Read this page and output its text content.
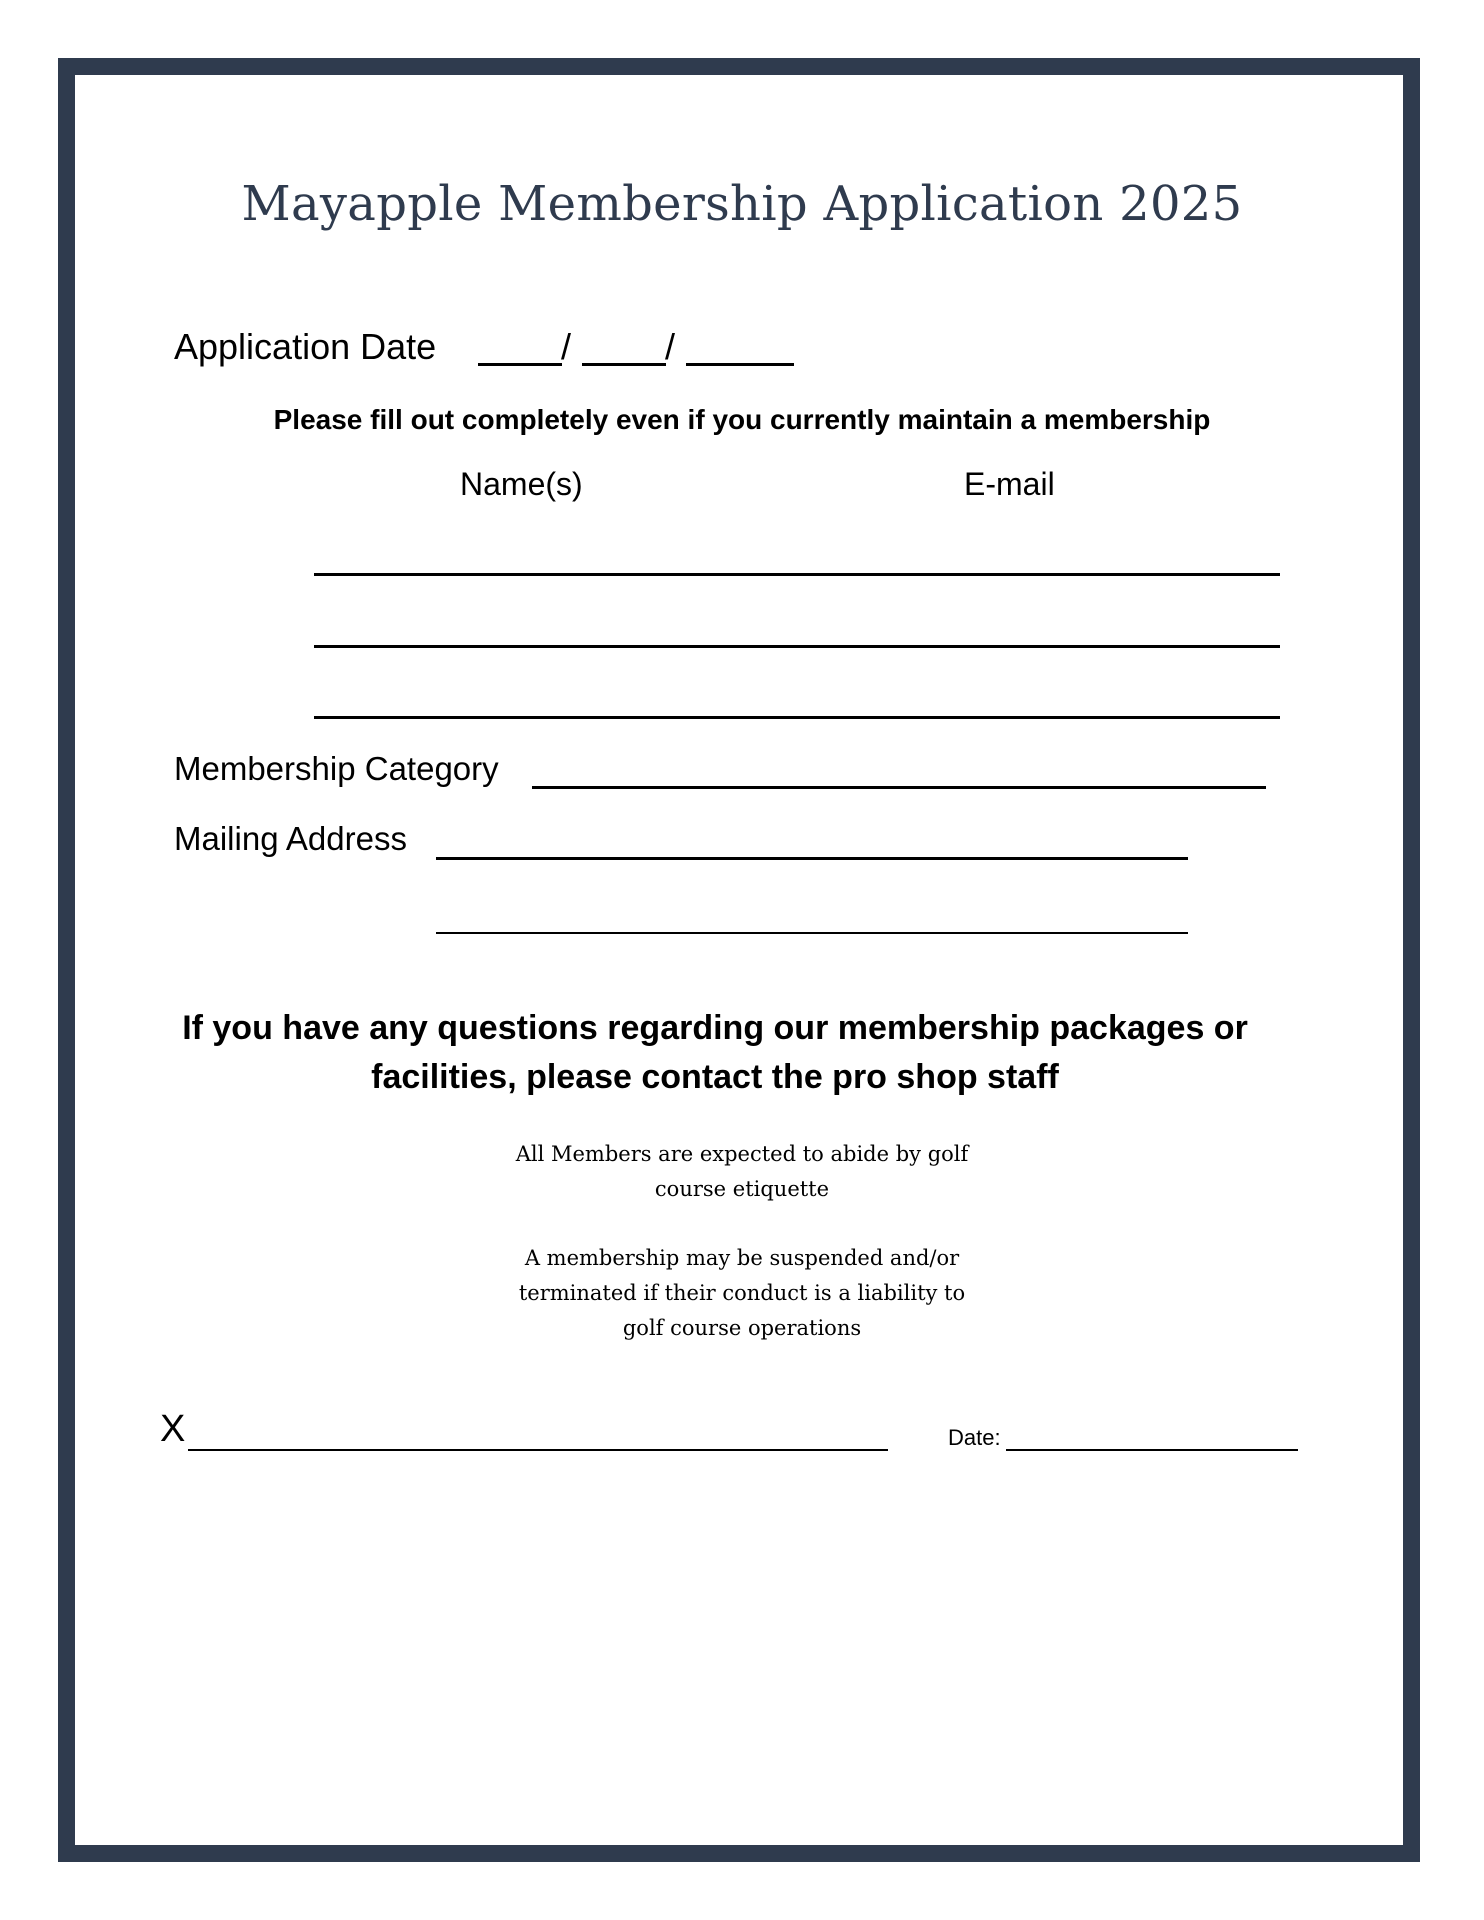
Mayapple Membership Application 2025
Application Date	/	/
Please fill out completely even if you currently maintain a membership
Name(s)	E-mail
Membership Category
Mailing Address
If you have any questions regarding our membership packages or
facilities, please contact the pro shop staff
All Members are expected to abide by golf
course etiquette
A membership may be suspended and/or
terminated if their conduct is a liability to
golf course operations
X	Date:
